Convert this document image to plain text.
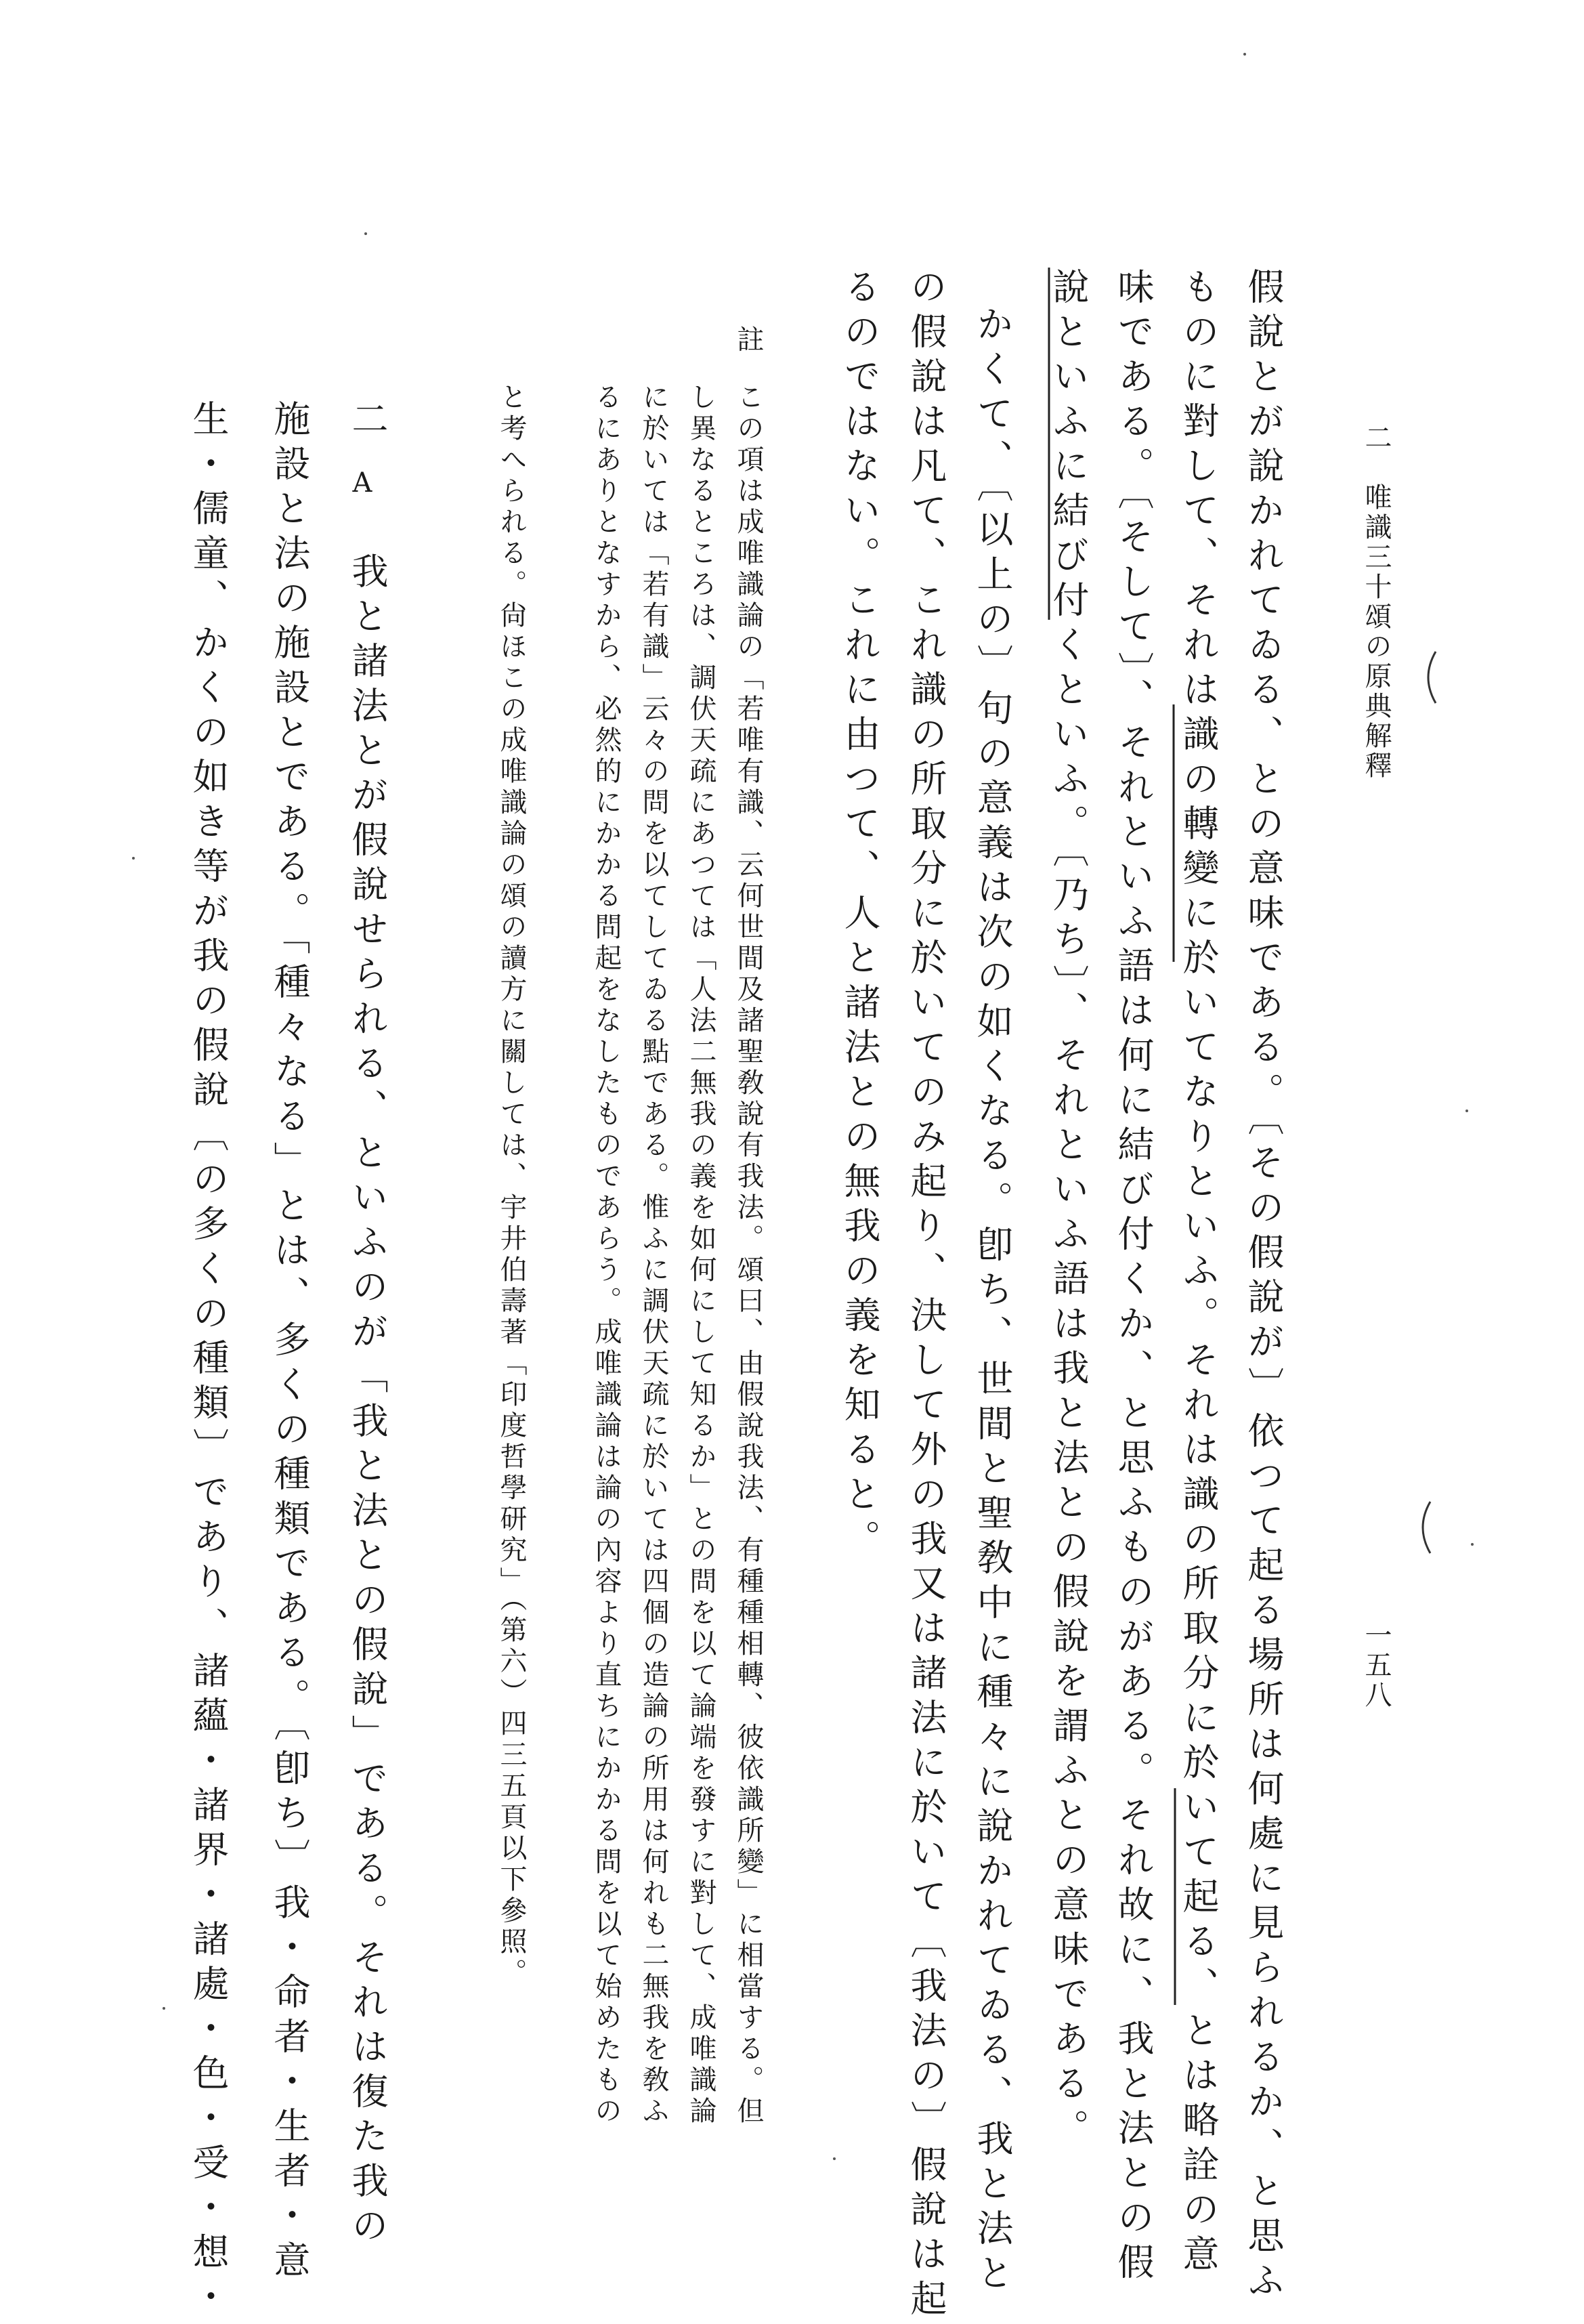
二　唯識三十頌の原典解釋
一五八
假說とが說かれてゐる、との意味である。〔その假說が〕依つて起る場所は何處に見られるか、と思ふ
ものに對して、それは識の轉變に於いてなりといふ。それは識の所取分に於いて起る、とは略詮の意
味である。〔そして〕、それといふ語は何に結び付くか、と思ふものがある。それ故に、我と法との假
說といふに結び付くといふ。〔乃ち〕、それといふ語は我と法との假說を謂ふとの意味である。
かくて、〔以上の〕句の意義は次の如くなる。卽ち、世間と聖敎中に種々に說かれてゐる、我と法と
の假說は凡て、これ識の所取分に於いてのみ起り、決して外の我又は諸法に於いて〔我法の〕假說は起
るのではない。これに由つて、人と諸法との無我の義を知ると。
註
この項は成唯識論の「若唯有識、云何世間及諸聖敎說有我法。頌曰、由假說我法、有種種相轉、彼依識所變」に相當する。但
し異なるところは、調伏天疏にあつては「人法二無我の義を如何にして知るか」との問を以て論端を發すに對して、成唯識論
に於いては「若有識」云々の問を以てしてゐる點である。惟ふに調伏天疏に於いては四個の造論の所用は何れも二無我を敎ふ
るにありとなすから、必然的にかかる問起をなしたものであらう。成唯識論は論の內容より直ちにかかる問を以て始めたもの
と考へられる。尙ほこの成唯識論の頌の讀方に關しては、宇井伯壽著「印度哲學研究」（第六）四三五頁以下參照。
二
A
我と諸法とが假說せられる、といふのが「我と法との假說」である。それは復た我の
施設と法の施設とである。「種々なる」とは、多くの種類である。〔卽ち〕我・命者・生者・意
生・儒童、かくの如き等が我の假說〔の多くの種類〕であり、諸蘊・諸界・諸處・色・受・想・
